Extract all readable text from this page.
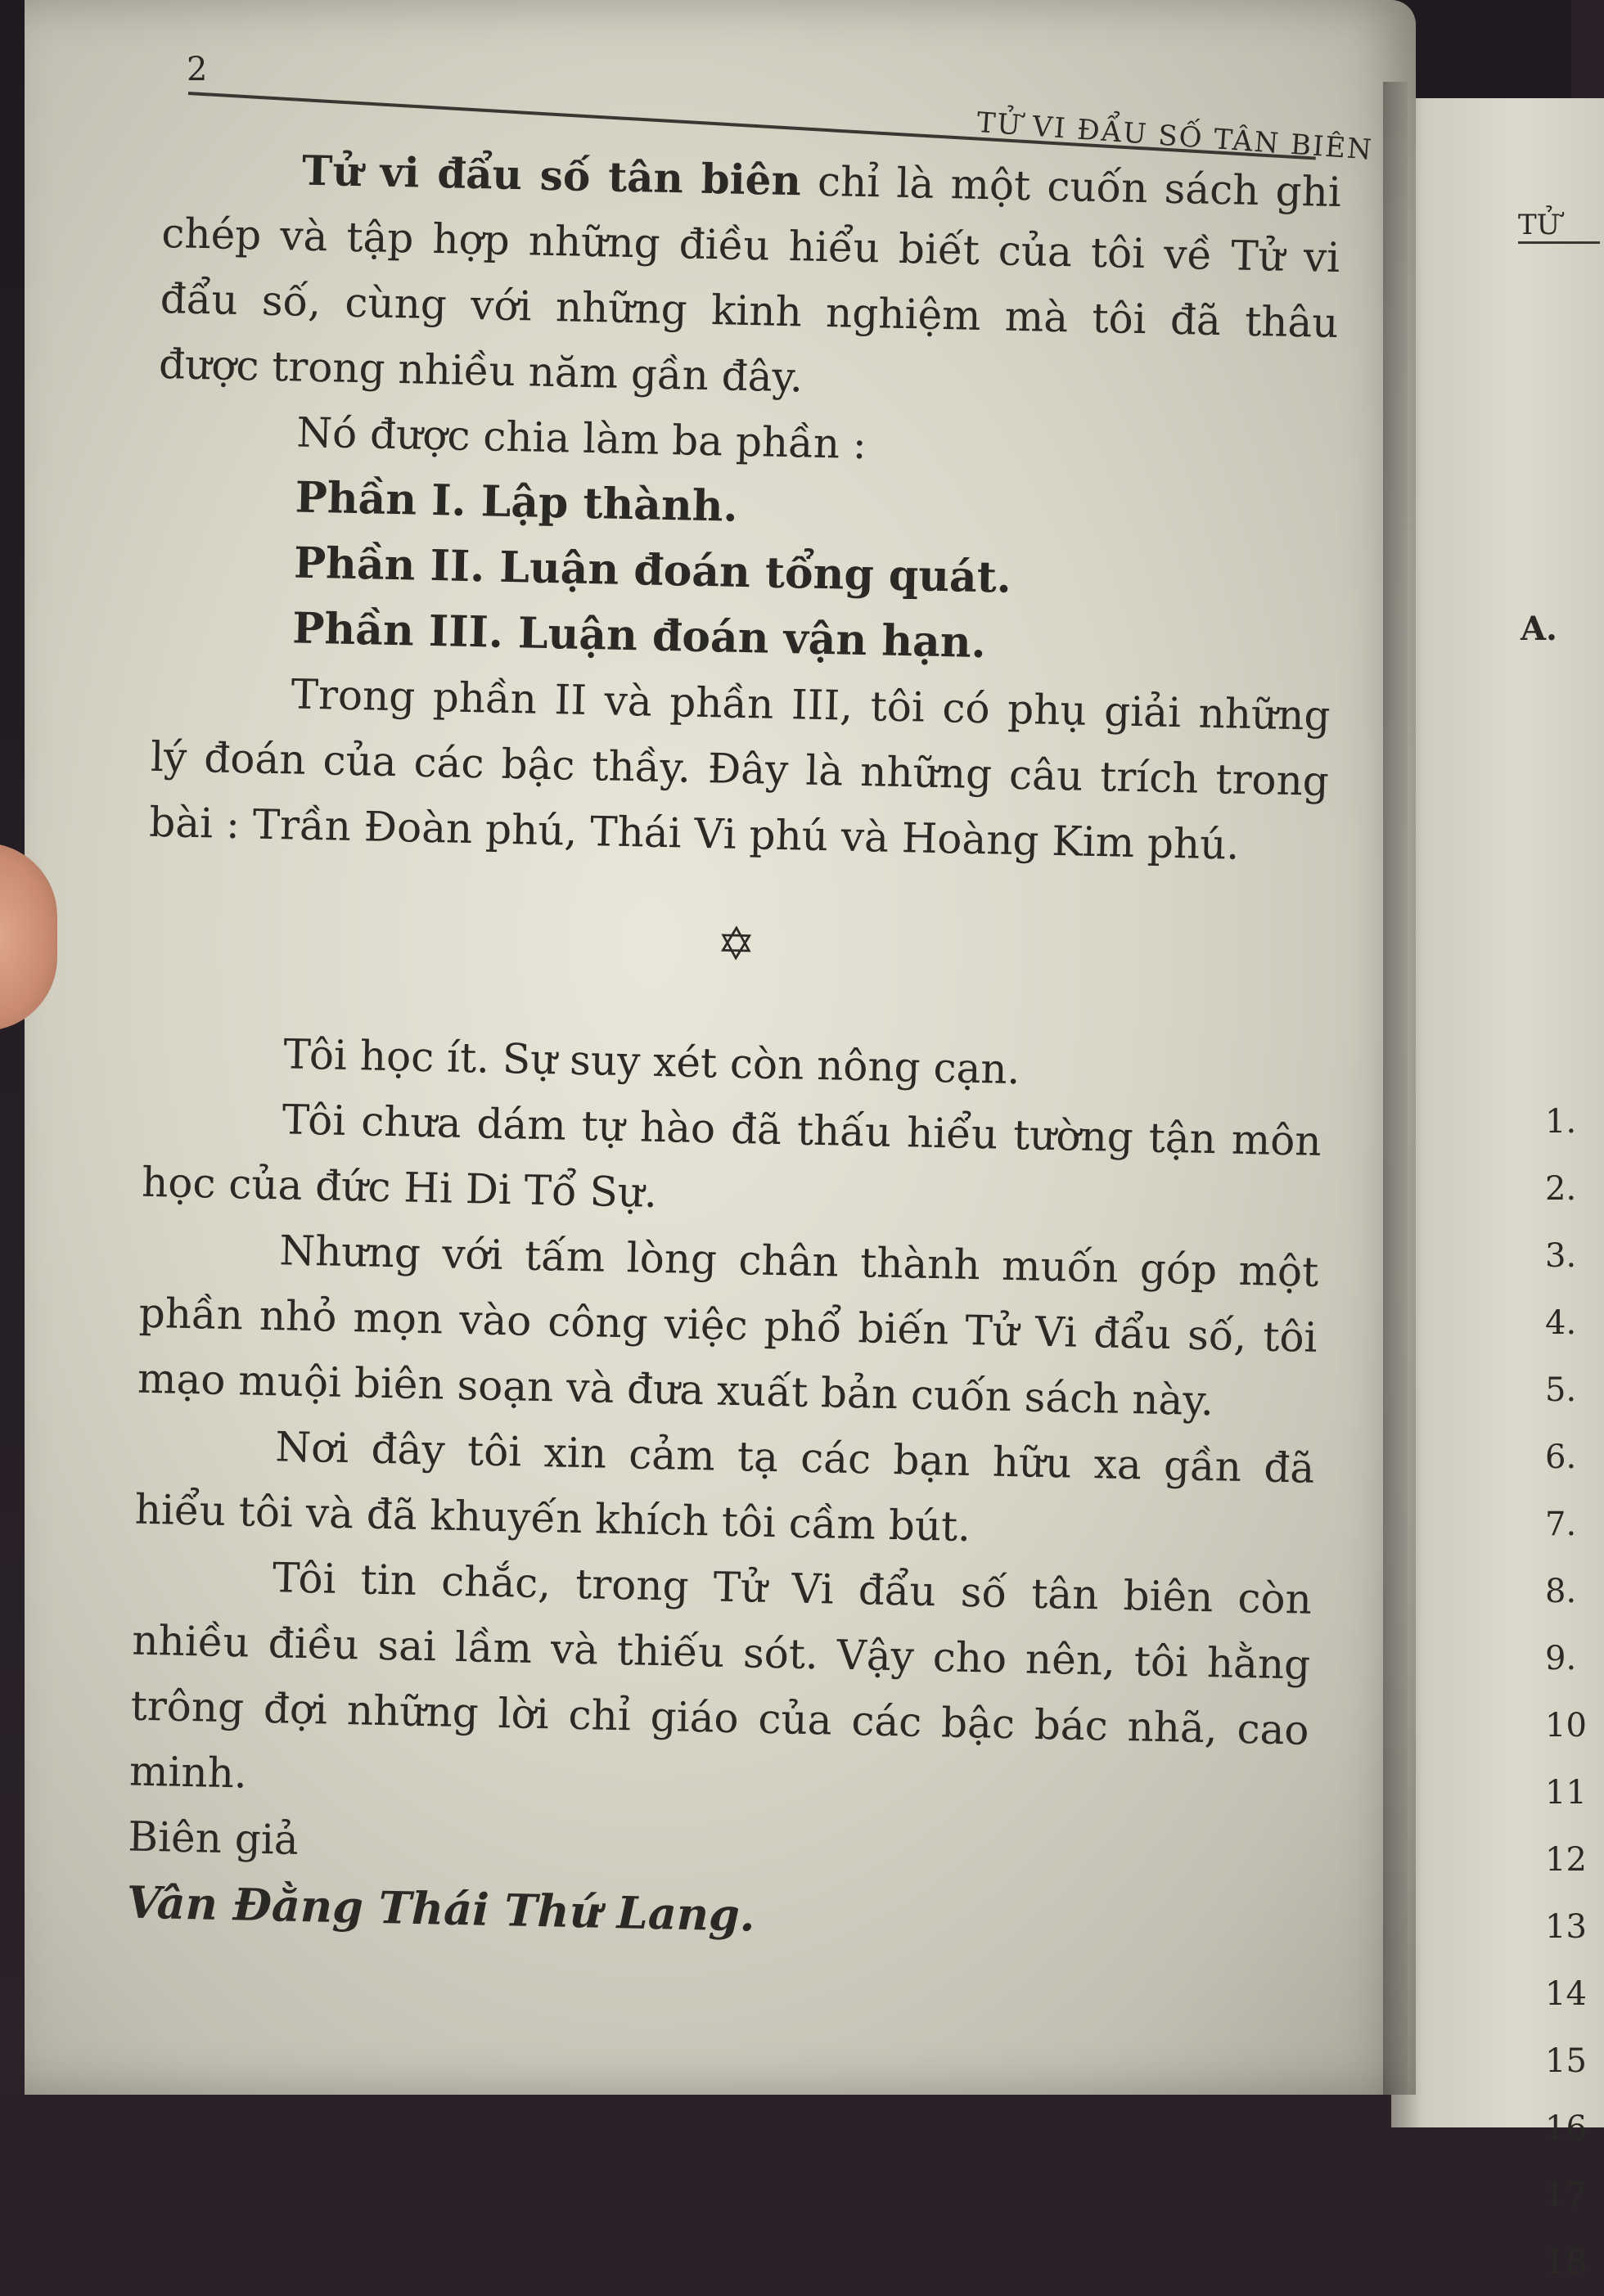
2
TỬ VI ĐẨU SỐ TÂN BIÊN

Tử vi đẩu số tân biên chỉ là một cuốn sách ghi chép và tập hợp những điều hiểu biết của tôi về Tử vi đẩu số, cùng với những kinh nghiệm mà tôi đã thâu được trong nhiều năm gần đây.

Nó được chia làm ba phần :

Phần I. Lập thành.

Phần II. Luận đoán tổng quát.

Phần III. Luận đoán vận hạn.

Trong phần II và phần III, tôi có phụ giải những lý đoán của các bậc thầy. Đây là những câu trích trong bài : Trần Đoàn phú, Thái Vi phú và Hoàng Kim phú.

✡

Tôi học ít. Sự suy xét còn nông cạn.

Tôi chưa dám tự hào đã thấu hiểu tường tận môn học của đức Hi Di Tổ Sự.

Nhưng với tấm lòng chân thành muốn góp một phần nhỏ mọn vào công việc phổ biến Tử Vi đẩu số, tôi mạo muội biên soạn và đưa xuất bản cuốn sách này.

Nơi đây tôi xin cảm tạ các bạn hữu xa gần đã hiểu tôi và đã khuyến khích tôi cầm bút.

Tôi tin chắc, trong Tử Vi đẩu số tân biên còn nhiều điều sai lầm và thiếu sót. Vậy cho nên, tôi hằng trông đợi những lời chỉ giáo của các bậc bác nhã, cao minh.

Biên giả

Vân Đằng Thái Thứ Lang.

TỬ
A.
1.
2.
3.
4.
5.
6.
7.
8.
9.
10
11
12
13
14
15
16
17
18
